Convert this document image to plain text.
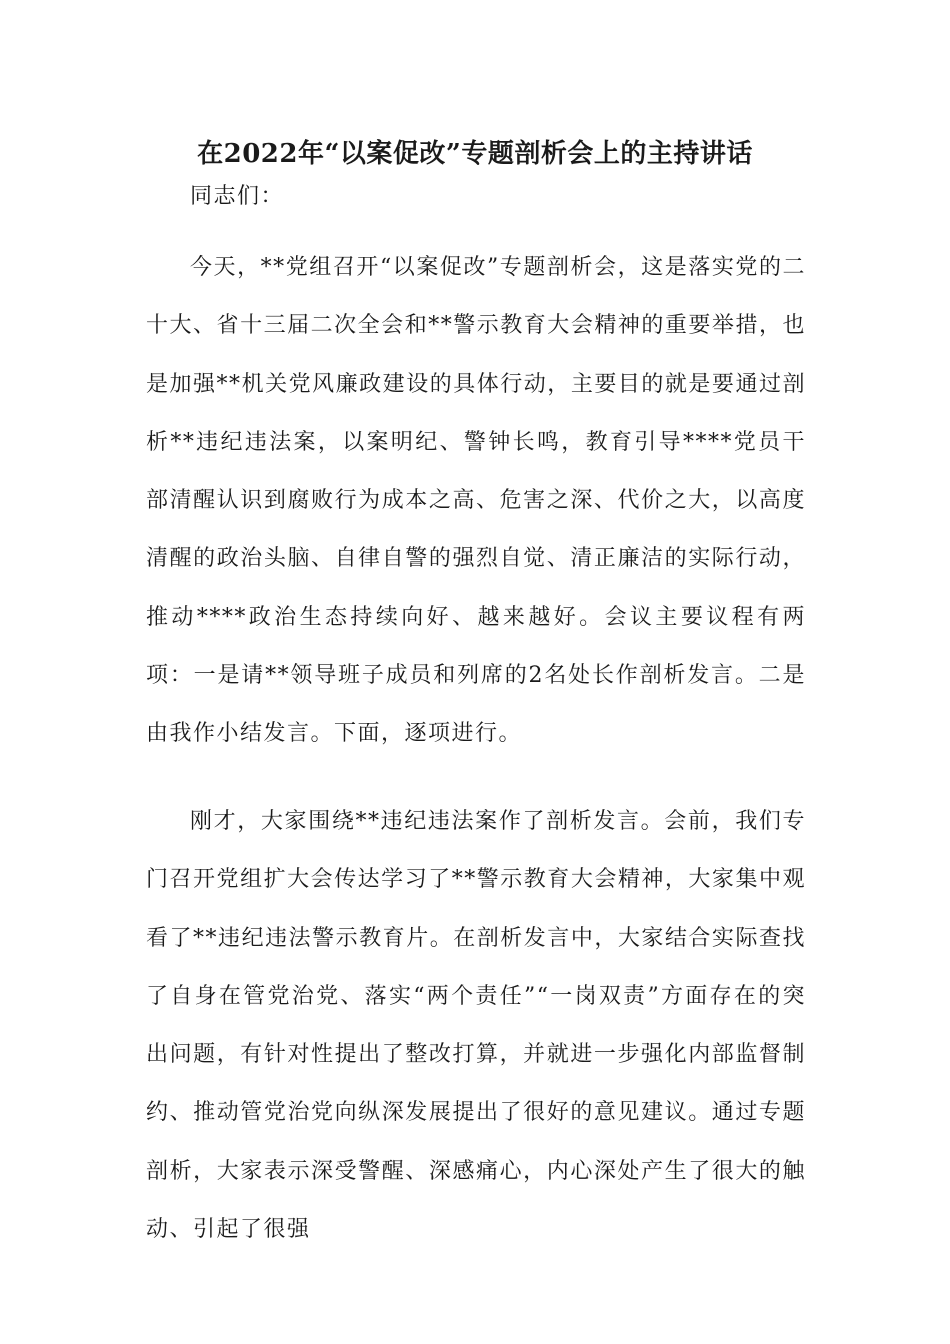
在2022年“以案促改”专题剖析会上的主持讲话

同志们：

今天，**党组召开“以案促改”专题剖析会，这是落实党的二十大、省十三届二次全会和**警示教育大会精神的重要举措，也是加强**机关党风廉政建设的具体行动，主要目的就是要通过剖析**违纪违法案，以案明纪、警钟长鸣，教育引导****党员干部清醒认识到腐败行为成本之高、危害之深、代价之大，以高度清醒的政治头脑、自律自警的强烈自觉、清正廉洁的实际行动，推动****政治生态持续向好、越来越好。会议主要议程有两项：一是请**领导班子成员和列席的2名处长作剖析发言。二是由我作小结发言。下面，逐项进行。

刚才，大家围绕**违纪违法案作了剖析发言。会前，我们专门召开党组扩大会传达学习了**警示教育大会精神，大家集中观看了**违纪违法警示教育片。在剖析发言中，大家结合实际查找了自身在管党治党、落实“两个责任”“一岗双责”方面存在的突出问题，有针对性提出了整改打算，并就进一步强化内部监督制约、推动管党治党向纵深发展提出了很好的意见建议。通过专题剖析，大家表示深受警醒、深感痛心，内心深处产生了很大的触动、引起了很强
